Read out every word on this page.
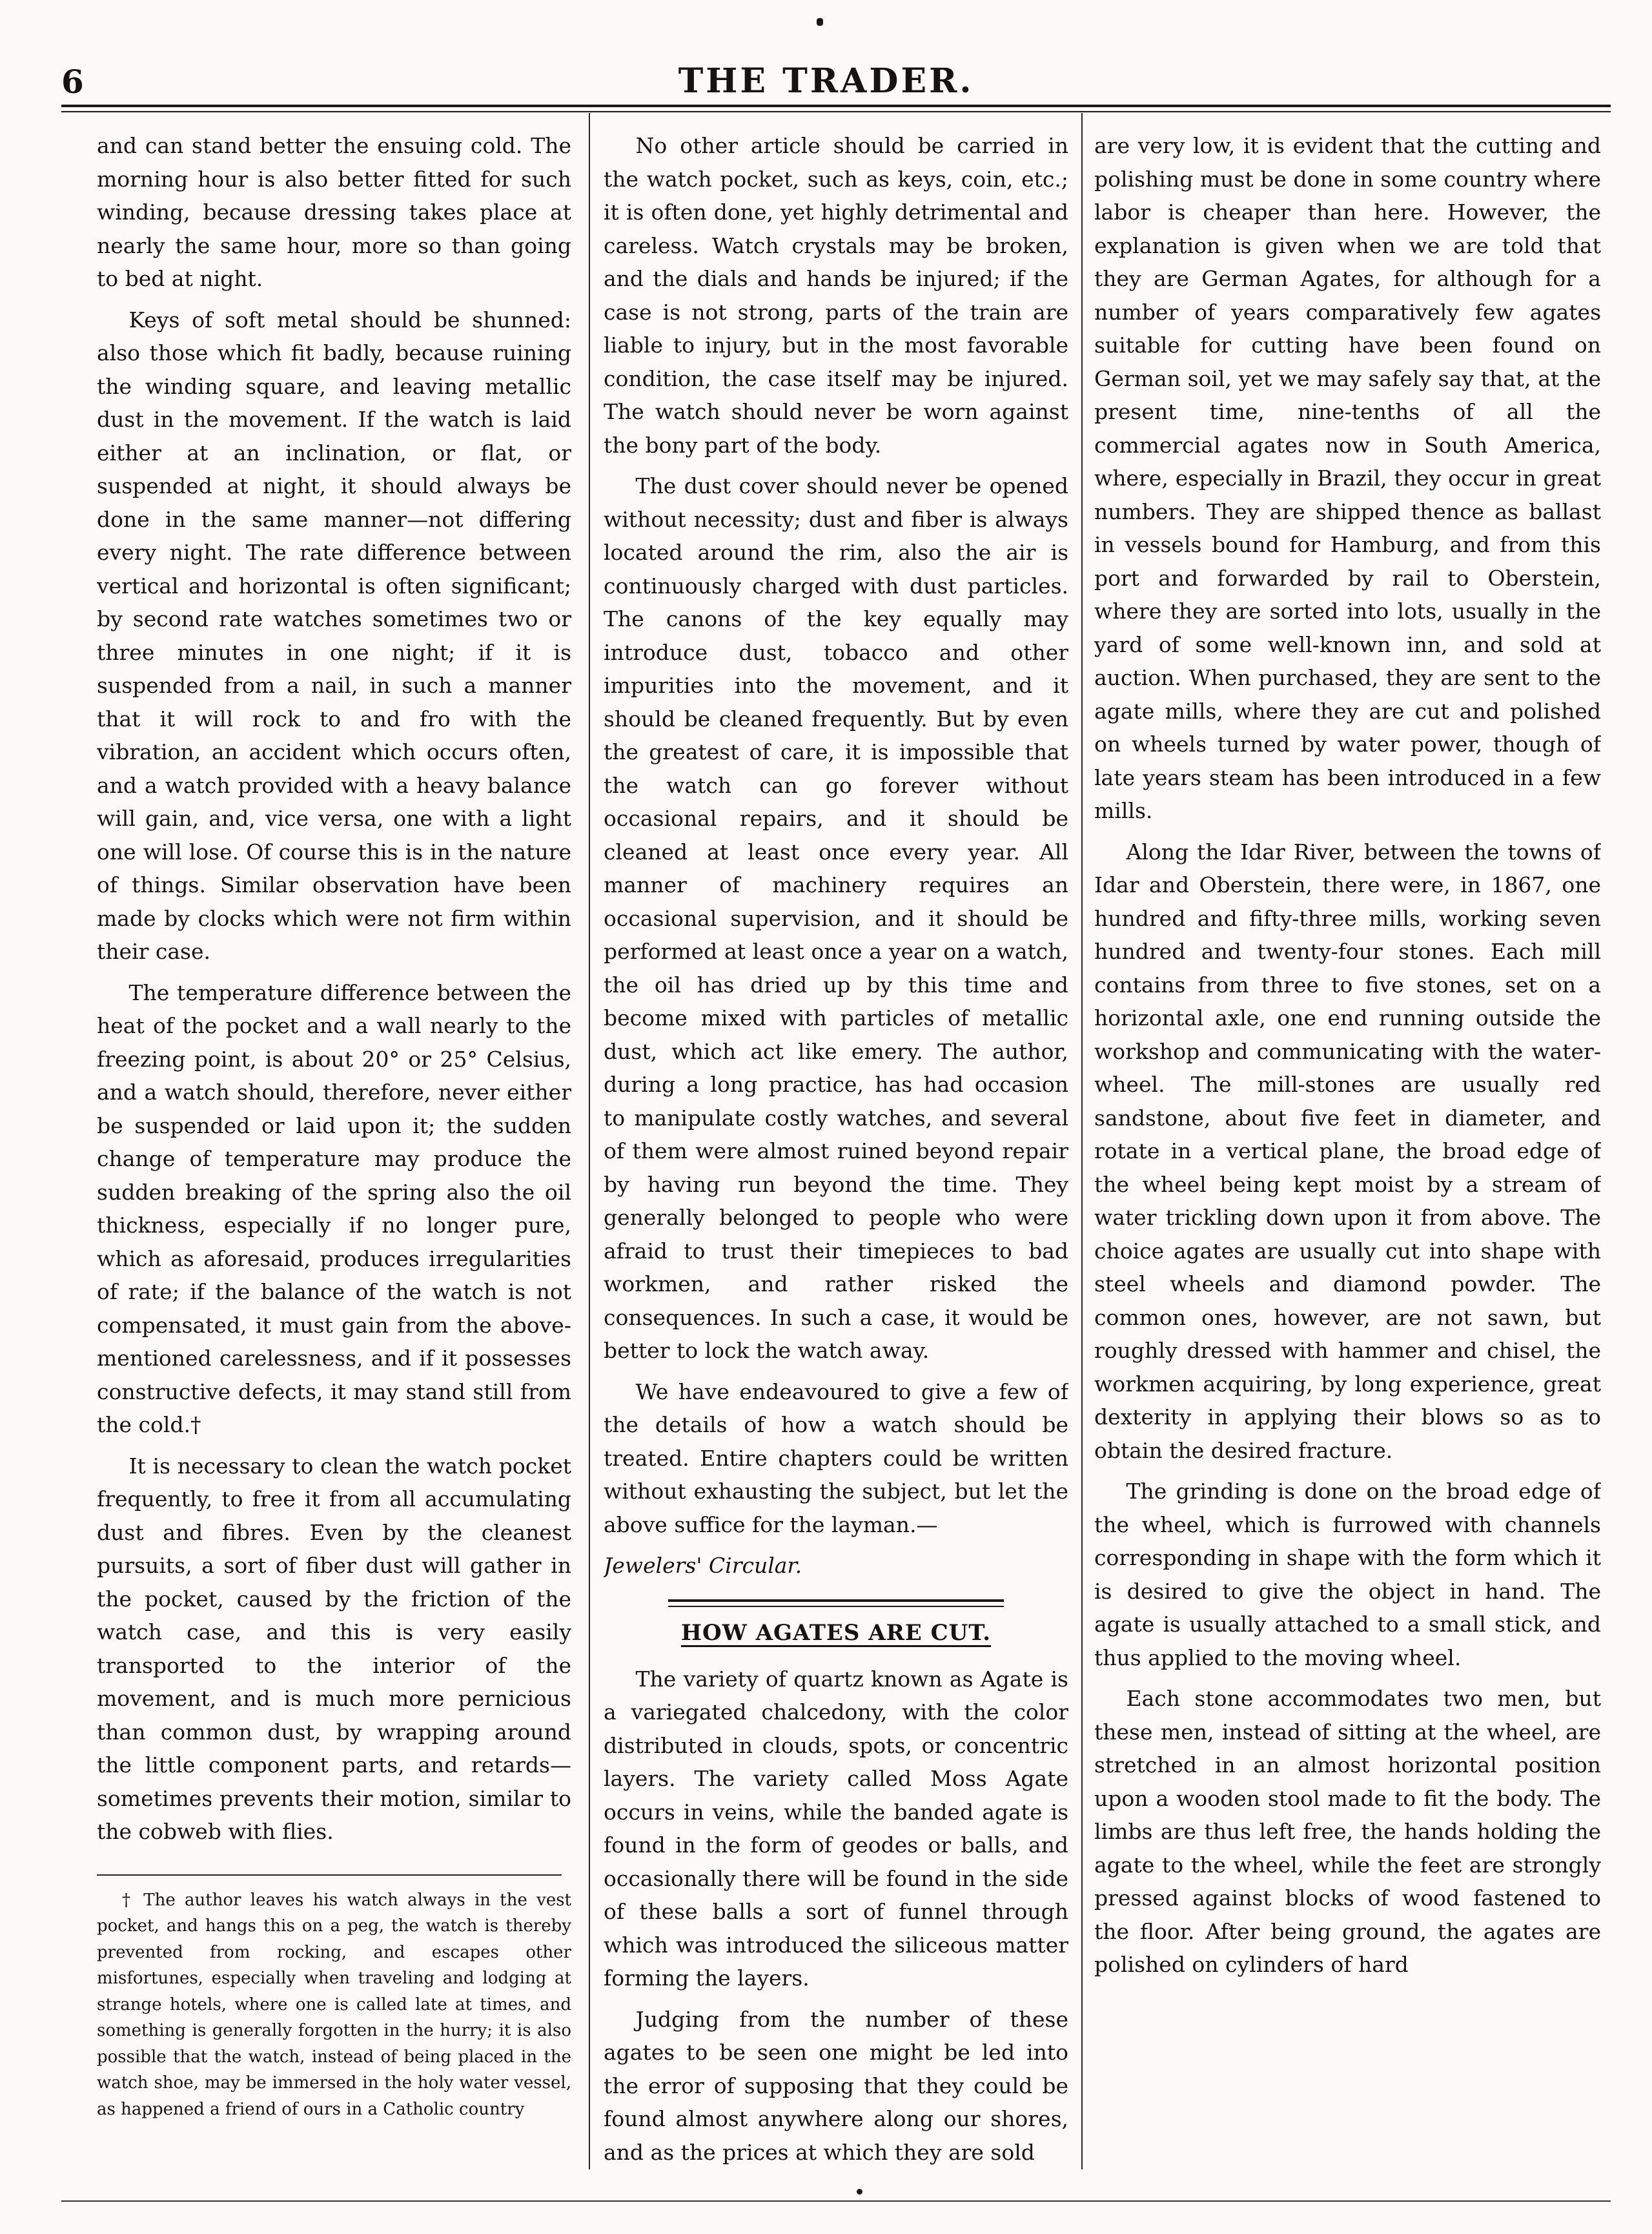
6	THE TRADER.

and can stand better the ensuing cold. The morning hour is also better fitted for such winding, because dressing takes place at nearly the same hour, more so than going to bed at night.

Keys of soft metal should be shunned: also those which fit badly, because ruining the winding square, and leaving metallic dust in the movement. If the watch is laid either at an inclination, or flat, or suspended at night, it should always be done in the same manner—not differing every night. The rate difference between vertical and horizontal is often significant; by second rate watches sometimes two or three minutes in one night; if it is suspended from a nail, in such a manner that it will rock to and fro with the vibration, an accident which occurs often, and a watch provided with a heavy balance will gain, and, vice versa, one with a light one will lose. Of course this is in the nature of things. Similar observation have been made by clocks which were not firm within their case.

The temperature difference between the heat of the pocket and a wall nearly to the freezing point, is about 20° or 25° Celsius, and a watch should, therefore, never either be suspended or laid upon it; the sudden change of temperature may produce the sudden breaking of the spring also the oil thickness, especially if no longer pure, which as aforesaid, produces irregularities of rate; if the balance of the watch is not compensated, it must gain from the above-mentioned carelessness, and if it possesses constructive defects, it may stand still from the cold.†

It is necessary to clean the watch pocket frequently, to free it from all accumulating dust and fibres. Even by the cleanest pursuits, a sort of fiber dust will gather in the pocket, caused by the friction of the watch case, and this is very easily transported to the interior of the movement, and is much more pernicious than common dust, by wrapping around the little component parts, and retards—sometimes prevents their motion, similar to the cobweb with flies.

† The author leaves his watch always in the vest pocket, and hangs this on a peg, the watch is thereby prevented from rocking, and escapes other misfortunes, especially when traveling and lodging at strange hotels, where one is called late at times, and something is generally forgotten in the hurry; it is also possible that the watch, instead of being placed in the watch shoe, may be immersed in the holy water vessel, as happened a friend of ours in a Catholic country

No other article should be carried in the watch pocket, such as keys, coin, etc.; it is often done, yet highly detrimental and careless. Watch crystals may be broken, and the dials and hands be injured; if the case is not strong, parts of the train are liable to injury, but in the most favorable condition, the case itself may be injured. The watch should never be worn against the bony part of the body.

The dust cover should never be opened without necessity; dust and fiber is always located around the rim, also the air is continuously charged with dust particles. The canons of the key equally may introduce dust, tobacco and other impurities into the movement, and it should be cleaned frequently. But by even the greatest of care, it is impossible that the watch can go forever without occasional repairs, and it should be cleaned at least once every year. All manner of machinery requires an occasional supervision, and it should be performed at least once a year on a watch, the oil has dried up by this time and become mixed with particles of metallic dust, which act like emery. The author, during a long practice, has had occasion to manipulate costly watches, and several of them were almost ruined beyond repair by having run beyond the time. They generally belonged to people who were afraid to trust their timepieces to bad workmen, and rather risked the consequences. In such a case, it would be better to lock the watch away.

We have endeavoured to give a few of the details of how a watch should be treated. Entire chapters could be written without exhausting the subject, but let the above suffice for the layman.—

Jewelers' Circular.

HOW AGATES ARE CUT.

The variety of quartz known as Agate is a variegated chalcedony, with the color distributed in clouds, spots, or concentric layers. The variety called Moss Agate occurs in veins, while the banded agate is found in the form of geodes or balls, and occasionally there will be found in the side of these balls a sort of funnel through which was introduced the siliceous matter forming the layers.

Judging from the number of these agates to be seen one might be led into the error of supposing that they could be found almost anywhere along our shores, and as the prices at which they are sold

are very low, it is evident that the cutting and polishing must be done in some country where labor is cheaper than here. However, the explanation is given when we are told that they are German Agates, for although for a number of years comparatively few agates suitable for cutting have been found on German soil, yet we may safely say that, at the present time, nine-tenths of all the commercial agates now in South America, where, especially in Brazil, they occur in great numbers. They are shipped thence as ballast in vessels bound for Hamburg, and from this port and forwarded by rail to Oberstein, where they are sorted into lots, usually in the yard of some well-known inn, and sold at auction. When purchased, they are sent to the agate mills, where they are cut and polished on wheels turned by water power, though of late years steam has been introduced in a few mills.

Along the Idar River, between the towns of Idar and Oberstein, there were, in 1867, one hundred and fifty-three mills, working seven hundred and twenty-four stones. Each mill contains from three to five stones, set on a horizontal axle, one end running outside the workshop and communicating with the water-wheel. The mill-stones are usually red sandstone, about five feet in diameter, and rotate in a vertical plane, the broad edge of the wheel being kept moist by a stream of water trickling down upon it from above. The choice agates are usually cut into shape with steel wheels and diamond powder. The common ones, however, are not sawn, but roughly dressed with hammer and chisel, the workmen acquiring, by long experience, great dexterity in applying their blows so as to obtain the desired fracture.

The grinding is done on the broad edge of the wheel, which is furrowed with channels corresponding in shape with the form which it is desired to give the object in hand. The agate is usually attached to a small stick, and thus applied to the moving wheel.

Each stone accommodates two men, but these men, instead of sitting at the wheel, are stretched in an almost horizontal position upon a wooden stool made to fit the body. The limbs are thus left free, the hands holding the agate to the wheel, while the feet are strongly pressed against blocks of wood fastened to the floor. After being ground, the agates are polished on cylinders of hard
